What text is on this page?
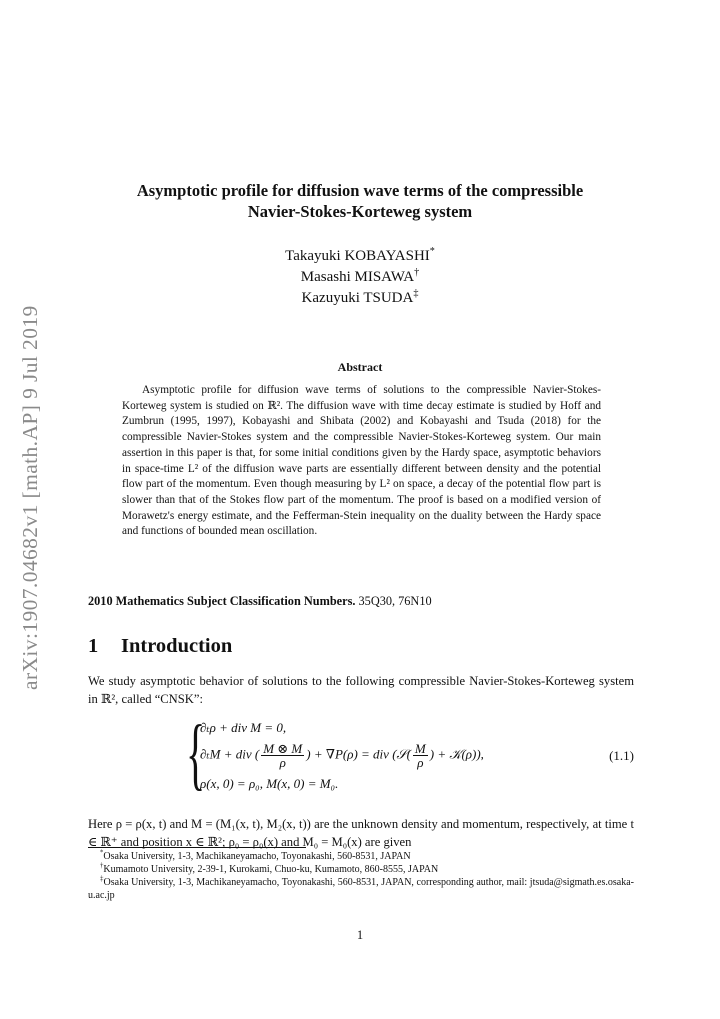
arXiv:1907.04682v1 [math.AP] 9 Jul 2019
Asymptotic profile for diffusion wave terms of the compressible
Navier-Stokes-Korteweg system
Takayuki KOBAYASHI*
Masashi MISAWA†
Kazuyuki TSUDA‡
Abstract
Asymptotic profile for diffusion wave terms of solutions to the compressible Navier-Stokes-Korteweg system is studied on ℝ². The diffusion wave with time decay estimate is studied by Hoff and Zumbrun (1995, 1997), Kobayashi and Shibata (2002) and Kobayashi and Tsuda (2018) for the compressible Navier-Stokes system and the compressible Navier-Stokes-Korteweg system. Our main assertion in this paper is that, for some initial conditions given by the Hardy space, asymptotic behaviors in space-time L² of the diffusion wave parts are essentially different between density and the potential flow part of the momentum. Even though measuring by L² on space, a decay of the potential flow part is slower than that of the Stokes flow part of the momentum. The proof is based on a modified version of Morawetz's energy estimate, and the Fefferman-Stein inequality on the duality between the Hardy space and functions of bounded mean oscillation.
2010 Mathematics Subject Classification Numbers. 35Q30, 76N10
1 Introduction
We study asymptotic behavior of solutions to the following compressible Navier-Stokes-Korteweg system in ℝ², called “CNSK”:
{
∂ₜρ + div M = 0,
∂ₜM + div ( $\frac{M \otimes M}{\rho}$ ) + ∇P(ρ) = div (𝒮( $\frac{M}{\rho}$ ) + 𝒦(ρ)),
ρ(x, 0) = ρ₀, M(x, 0) = M₀.
(1.1)
Here ρ = ρ(x, t) and M = (M₁(x, t), M₂(x, t)) are the unknown density and momentum, respectively, at time t ∈ ℝ⁺ and position x ∈ ℝ²; ρ₀ = ρ₀(x) and M₀ = M₀(x) are given
*Osaka University, 1-3, Machikaneyamacho, Toyonakashi, 560-8531, JAPAN
†Kumamoto University, 2-39-1, Kurokami, Chuo-ku, Kumamoto, 860-8555, JAPAN
‡Osaka University, 1-3, Machikaneyamacho, Toyonakashi, 560-8531, JAPAN, corresponding author, mail: jtsuda@sigmath.es.osaka-u.ac.jp
1
